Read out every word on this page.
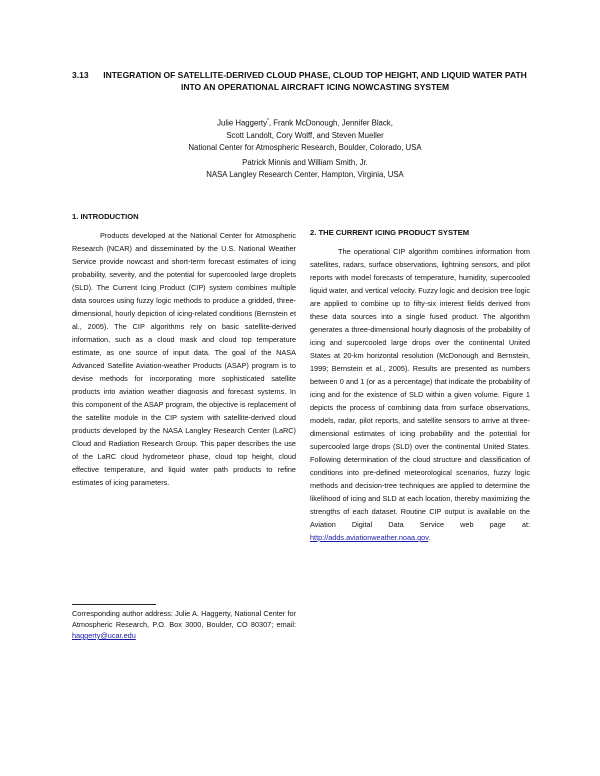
3.13	INTEGRATION OF SATELLITE-DERIVED CLOUD PHASE, CLOUD TOP HEIGHT, AND LIQUID WATER PATH INTO AN OPERATIONAL AIRCRAFT ICING NOWCASTING SYSTEM
Julie Haggerty*, Frank McDonough, Jennifer Black,
Scott Landolt, Cory Wolff, and Steven Mueller
National Center for Atmospheric Research, Boulder, Colorado, USA
Patrick Minnis and William Smith, Jr.
NASA Langley Research Center, Hampton, Virginia, USA
1. INTRODUCTION

Products developed at the National Center for Atmospheric Research (NCAR) and disseminated by the U.S. National Weather Service provide nowcast and short-term forecast estimates of icing probability, severity, and the potential for supercooled large droplets (SLD). The Current Icing Product (CIP) system combines multiple data sources using fuzzy logic methods to produce a gridded, three-dimensional, hourly depiction of icing-related conditions (Bernstein et al., 2005). The CIP algorithms rely on basic satellite-derived information, such as a cloud mask and cloud top temperature estimate, as one source of input data. The goal of the NASA Advanced Satellite Aviation-weather Products (ASAP) program is to devise methods for incorporating more sophisticated satellite products into aviation weather diagnosis and forecast systems. In this component of the ASAP program, the objective is replacement of the satellite module in the CIP system with satellite-derived cloud products developed by the NASA Langley Research Center (LaRC) Cloud and Radiation Research Group. This paper describes the use of the LaRC cloud hydrometeor phase, cloud top height, cloud effective temperature, and liquid water path products to refine estimates of icing parameters.

Corresponding author address: Julie A. Haggerty, National Center for Atmospheric Research, P.O. Box 3000, Boulder, CO 80307; email: haggerty@ucar.edu
2. THE CURRENT ICING PRODUCT SYSTEM

The operational CIP algorithm combines information from satellites, radars, surface observations, lightning sensors, and pilot reports with model forecasts of temperature, humidity, supercooled liquid water, and vertical velocity. Fuzzy logic and decision tree logic are applied to combine up to fifty-six interest fields derived from these data sources into a single fused product. The algorithm generates a three-dimensional hourly diagnosis of the probability of icing and supercooled large drops over the continental United States at 20-km horizontal resolution (McDonough and Bernstein, 1999; Bernstein et al., 2005). Results are presented as numbers between 0 and 1 (or as a percentage) that indicate the probability of icing and for the existence of SLD within a given volume. Figure 1 depicts the process of combining data from surface observations, models, radar, pilot reports, and satellite sensors to arrive at three-dimensional estimates of icing probability and the potential for supercooled large drops (SLD) over the continental United States. Following determination of the cloud structure and classification of conditions into pre-defined meteorological scenarios, fuzzy logic methods and decision-tree techniques are applied to determine the likelihood of icing and SLD at each location, thereby maximizing the strengths of each dataset. Routine CIP output is available on the Aviation Digital Data Service web page at: http://adds.aviationweather.noaa.gov.
